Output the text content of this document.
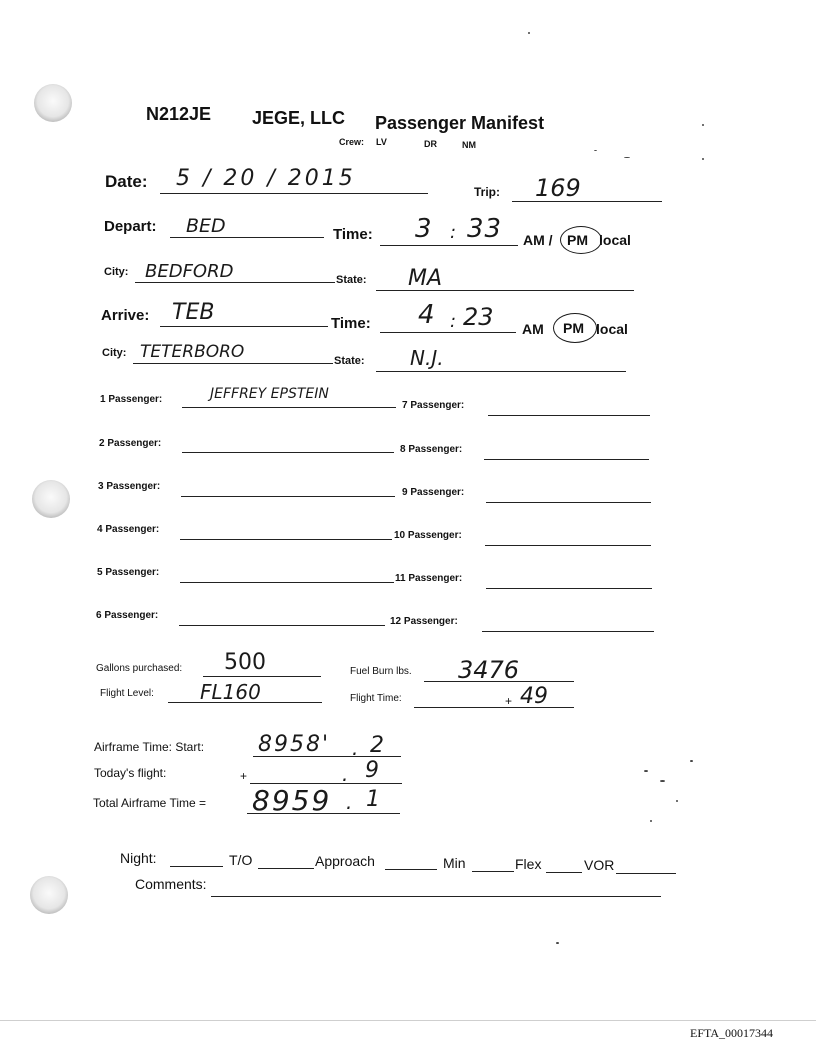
N212JE JEGE, LLC Passenger Manifest
Crew: LV	DR	NM
Date: 5 / 20 / 2015
Trip: 169
Depart: BED	Time: 3 : 33 AM / PM local
City: BEDFORD	State: MA
Arrive: TEB	Time: 4 : 23 AM PM local
City: TETERBORO	State: N.J.
1 Passenger:	JEFFREY EPSTEIN
2 Passenger:
3 Passenger:
4 Passenger:
5 Passenger:
6 Passenger:
7 Passenger:
8 Passenger:
9 Passenger:
10 Passenger:
11 Passenger:
12 Passenger:
Gallons purchased: 500	Fuel Burn lbs. 3476
Flight Level: FL160	Flight Time:	+ 49
Airframe Time: Start: 8958' . 2
Today's flight:	+	. 9
Total Airframe Time = 8959 . 1
Night:	T/O	Approach	Min	Flex	VOR
Comments:
EFTA_00017344
